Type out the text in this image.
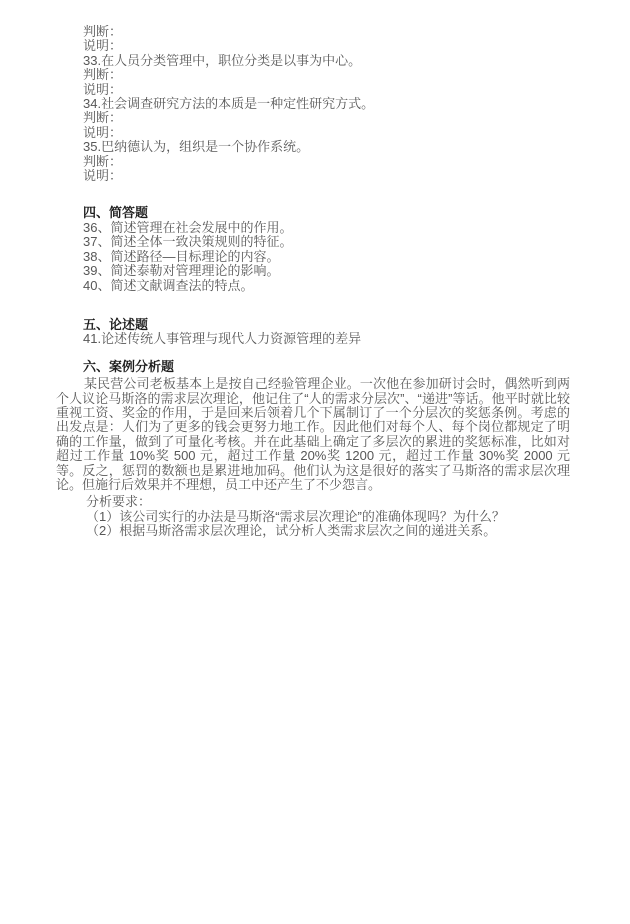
判断：
说明：
33.在人员分类管理中，职位分类是以事为中心。
判断：
说明：
34.社会调查研究方法的本质是一种定性研究方式。
判断：
说明：
35.巴纳德认为，组织是一个协作系统。
判断：
说明：
四、简答题
36、简述管理在社会发展中的作用。
37、简述全体一致决策规则的特征。
38、简述路径—目标理论的内容。
39、简述泰勒对管理理论的影响。
40、简述文献调查法的特点。
五、论述题
41.论述传统人事管理与现代人力资源管理的差异
六、案例分析题
某民营公司老板基本上是按自己经验管理企业。一次他在参加研讨会时，偶然听到两个人议论马斯洛的需求层次理论，他记住了“人的需求分层次”、“递进”等话。他平时就比较重视工资、奖金的作用，于是回来后领着几个下属制订了一个分层次的奖惩条例。考虑的出发点是：人们为了更多的钱会更努力地工作。因此他们对每个人、每个岗位都规定了明确的工作量，做到了可量化考核。并在此基础上确定了多层次的累进的奖惩标准，比如对超过工作量 10%奖 500 元，超过工作量 20%奖 1200 元，超过工作量 30%奖 2000 元等。反之，惩罚的数额也是累进地加码。他们认为这是很好的落实了马斯洛的需求层次理论。但施行后效果并不理想，员工中还产生了不少怨言。
分析要求：
（1）该公司实行的办法是马斯洛“需求层次理论”的准确体现吗？为什么？
（2）根据马斯洛需求层次理论，试分析人类需求层次之间的递进关系。
